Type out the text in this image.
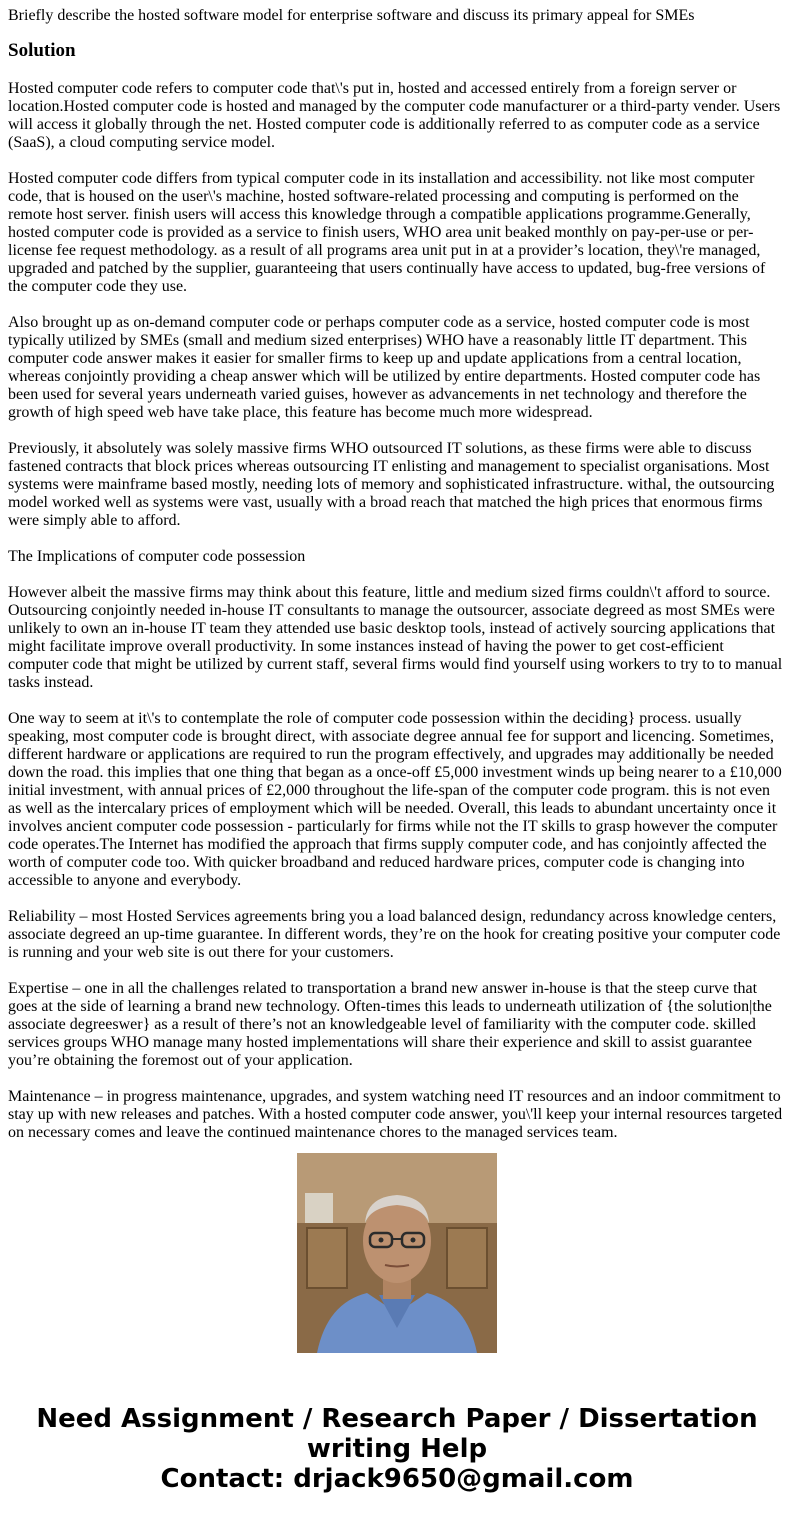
Briefly describe the hosted software model for enterprise software and discuss its primary appeal for SMEs
Solution

Hosted computer code refers to computer code that\'s put in, hosted and accessed entirely from a foreign server or location.Hosted computer code is hosted and managed by the computer code manufacturer or a third-party vender. Users will access it globally through the net. Hosted computer code is additionally referred to as computer code as a service (SaaS), a cloud computing service model.

Hosted computer code differs from typical computer code in its installation and accessibility. not like most computer code, that is housed on the user\'s machine, hosted software-related processing and computing is performed on the remote host server. finish users will access this knowledge through a compatible applications programme.Generally, hosted computer code is provided as a service to finish users, WHO area unit beaked monthly on pay-per-use or per-license fee request methodology. as a result of all programs area unit put in at a provider’s location, they\'re managed, upgraded and patched by the supplier, guaranteeing that users continually have access to updated, bug-free versions of the computer code they use.

Also brought up as on-demand computer code or perhaps computer code as a service, hosted computer code is most typically utilized by SMEs (small and medium sized enterprises) WHO have a reasonably little IT department. This computer code answer makes it easier for smaller firms to keep up and update applications from a central location, whereas conjointly providing a cheap answer which will be utilized by entire departments. Hosted computer code has been used for several years underneath varied guises, however as advancements in net technology and therefore the growth of high speed web have take place, this feature has become much more widespread.

Previously, it absolutely was solely massive firms WHO outsourced IT solutions, as these firms were able to discuss fastened contracts that block prices whereas outsourcing IT enlisting and management to specialist organisations. Most systems were mainframe based mostly, needing lots of memory and sophisticated infrastructure. withal, the outsourcing model worked well as systems were vast, usually with a broad reach that matched the high prices that enormous firms were simply able to afford.

The Implications of computer code possession

However albeit the massive firms may think about this feature, little and medium sized firms couldn\'t afford to source. Outsourcing conjointly needed in-house IT consultants to manage the outsourcer, associate degreed as most SMEs were unlikely to own an in-house IT team they attended use basic desktop tools, instead of actively sourcing applications that might facilitate improve overall productivity. In some instances instead of having the power to get cost-efficient computer code that might be utilized by current staff, several firms would find yourself using workers to try to to manual tasks instead.

One way to seem at it\'s to contemplate the role of computer code possession within the deciding} process. usually speaking, most computer code is brought direct, with associate degree annual fee for support and licencing. Sometimes, different hardware or applications are required to run the program effectively, and upgrades may additionally be needed down the road. this implies that one thing that began as a once-off £5,000 investment winds up being nearer to a £10,000 initial investment, with annual prices of £2,000 throughout the life-span of the computer code program. this is not even as well as the intercalary prices of employment which will be needed. Overall, this leads to abundant uncertainty once it involves ancient computer code possession - particularly for firms while not the IT skills to grasp however the computer code operates.The Internet has modified the approach that firms supply computer code, and has conjointly affected the worth of computer code too. With quicker broadband and reduced hardware prices, computer code is changing into accessible to anyone and everybody.

Reliability – most Hosted Services agreements bring you a load balanced design, redundancy across knowledge centers, associate degreed an up-time guarantee. In different words, they’re on the hook for creating positive your computer code is running and your web site is out there for your customers.

Expertise – one in all the challenges related to transportation a brand new answer in-house is that the steep curve that goes at the side of learning a brand new technology. Often-times this leads to underneath utilization of {the solution|the associate degreeswer} as a result of there’s not an knowledgeable level of familiarity with the computer code. skilled services groups WHO manage many hosted implementations will share their experience and skill to assist guarantee you’re obtaining the foremost out of your application.

Maintenance – in progress maintenance, upgrades, and system watching need IT resources and an indoor commitment to stay up with new releases and patches. With a hosted computer code answer, you\'ll keep your internal resources targeted on necessary comes and leave the continued maintenance chores to the managed services team.

Need Assignment / Research Paper / Dissertation
writing Help
Contact: drjack9650@gmail.com
